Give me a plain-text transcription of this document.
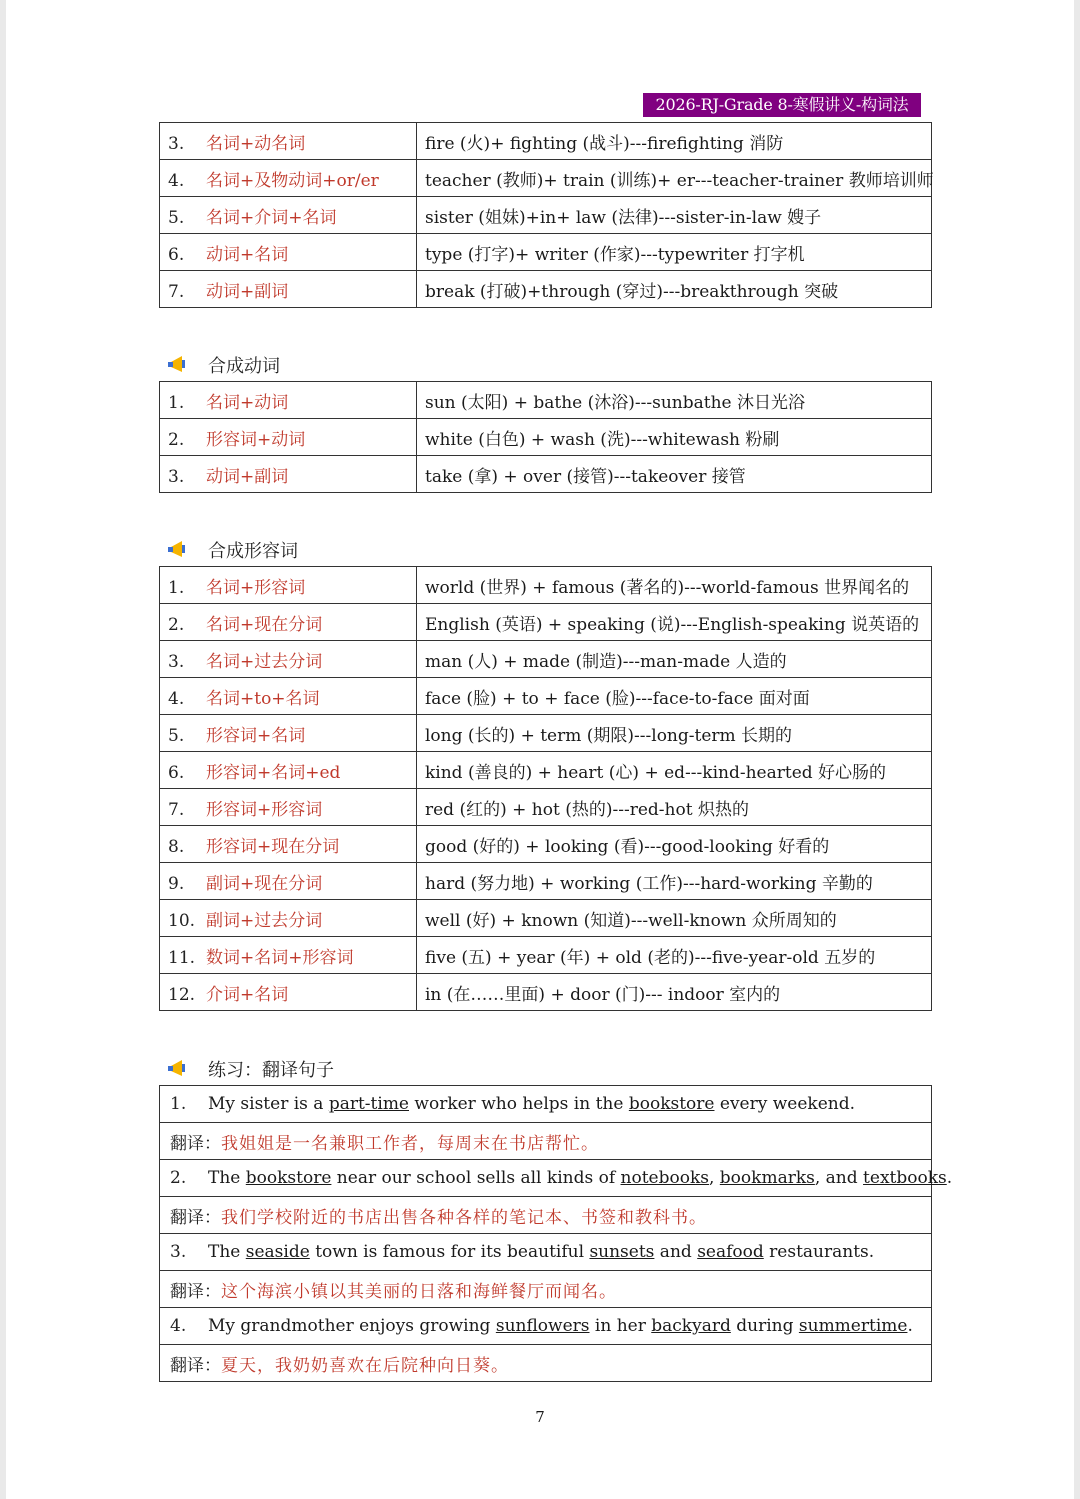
2026-RJ-Grade 8-寒假讲义-构词法
3. 名词+动名词	fire (火)+ fighting (战斗)---firefighting 消防
4. 名词+及物动词+or/er	teacher (教师)+ train (训练)+ er---teacher-trainer 教师培训师
5. 名词+介词+名词	sister (姐妹)+in+ law (法律)---sister-in-law 嫂子
6. 动词+名词	type (打字)+ writer (作家)---typewriter 打字机
7. 动词+副词	break (打破)+through (穿过)---breakthrough 突破
合成动词
1. 名词+动词	sun (太阳) + bathe (沐浴)---sunbathe 沐日光浴
2. 形容词+动词	white (白色) + wash (洗)---whitewash 粉刷
3. 动词+副词	take (拿) + over (接管)---takeover 接管
合成形容词
1. 名词+形容词	world (世界) + famous (著名的)---world-famous 世界闻名的
2. 名词+现在分词	English (英语) + speaking (说)---English-speaking 说英语的
3. 名词+过去分词	man (人) + made (制造)---man-made 人造的
4. 名词+to+名词	face (脸) + to + face (脸)---face-to-face 面对面
5. 形容词+名词	long (长的) + term (期限)---long-term 长期的
6. 形容词+名词+ed	kind (善良的) + heart (心) + ed---kind-hearted 好心肠的
7. 形容词+形容词	red (红的) + hot (热的)---red-hot 炽热的
8. 形容词+现在分词	good (好的) + looking (看)---good-looking 好看的
9. 副词+现在分词	hard (努力地) + working (工作)---hard-working 辛勤的
10. 副词+过去分词	well (好) + known (知道)---well-known 众所周知的
11. 数词+名词+形容词	five (五) + year (年) + old (老的)---five-year-old 五岁的
12. 介词+名词	in (在……里面) + door (门)--- indoor 室内的
练习：翻译句子
1. My sister is a part-time worker who helps in the bookstore every weekend.
翻译：我姐姐是一名兼职工作者，每周末在书店帮忙。
2. The bookstore near our school sells all kinds of notebooks, bookmarks, and textbooks.
翻译：我们学校附近的书店出售各种各样的笔记本、书签和教科书。
3. The seaside town is famous for its beautiful sunsets and seafood restaurants.
翻译：这个海滨小镇以其美丽的日落和海鲜餐厅而闻名。
4. My grandmother enjoys growing sunflowers in her backyard during summertime.
翻译：夏天，我奶奶喜欢在后院种向日葵。
7
